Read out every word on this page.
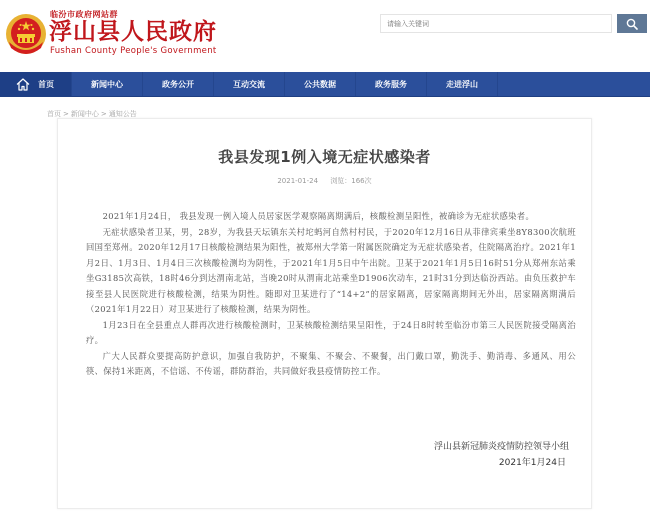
临汾市政府网站群
浮山县人民政府
Fushan County People's Government
请输入关键词
首页	新闻中心	政务公开	互动交流	公共数据	政务服务	走进浮山
首页 > 新闻中心 > 通知公告
我县发现1例入境无症状感染者
2021-01-24 浏览：166次

2021年1月24日， 我县发现一例入境人员居家医学观察隔离期满后，核酸检测呈阳性，被确诊为无症状感染者。

无症状感染者卫某，男，28岁，为我县天坛镇东关村坨蚂河自然村村民，于2020年12月16日从菲律宾乘坐8Y8300次航班回国至郑州。2020年12月17日核酸检测结果为阳性，被郑州大学第一附属医院确定为无症状感染者，住院隔离治疗。2021年1月2日、1月3日、1月4日三次核酸检测均为阴性，于2021年1月5日中午出院。卫某于2021年1月5日16时51分从郑州东站乘坐G3185次高铁，18时46分到达渭南北站，当晚20时从渭南北站乘坐D1906次动车，21时31分到达临汾西站。由负压救护车接至县人民医院进行核酸检测，结果为阴性。随即对卫某进行了“14+2”的居家隔离，居家隔离期间无外出，居家隔离期满后（2021年1月22日）对卫某进行了核酸检测，结果为阴性。

1月23日在全县重点人群再次进行核酸检测时，卫某核酸检测结果呈阳性，于24日8时转至临汾市第三人民医院接受隔离治疗。

广大人民群众要提高防护意识，加强自我防护，不聚集、不聚会、不聚餐，出门戴口罩，勤洗手、勤消毒、多通风、用公筷、保持1米距离，不信谣、不传谣，群防群治，共同做好我县疫情防控工作。

浮山县新冠肺炎疫情防控领导小组
2021年1月24日
